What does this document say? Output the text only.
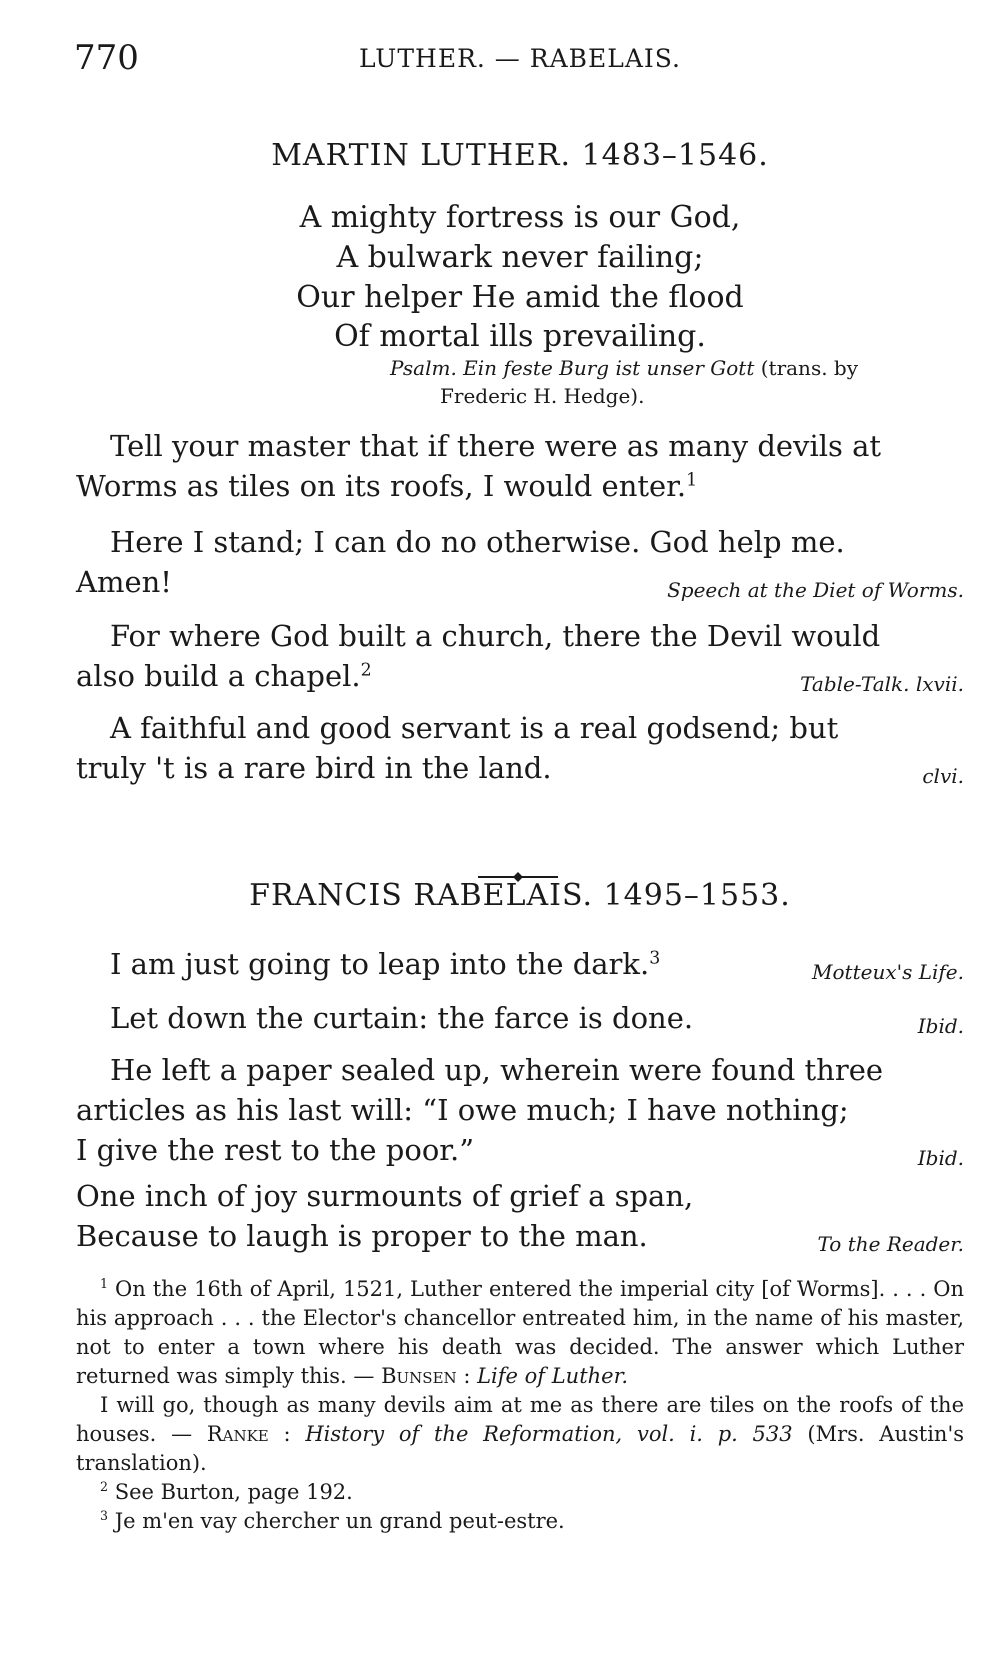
770	LUTHER. — RABELAIS.
MARTIN LUTHER. 1483–1546.
A mighty fortress is our God,
A bulwark never failing;
Our helper He amid the flood
Of mortal ills prevailing.
Psalm. Ein feste Burg ist unser Gott (trans. by
Frederic H. Hedge).
Tell your master that if there were as many devils at
Worms as tiles on its roofs, I would enter.$^1$
Here I stand; I can do no otherwise. God help me.
Amen!	Speech at the Diet of Worms.
For where God built a church, there the Devil would
also build a chapel.$^2$
Table-Talk. lxvii.
A faithful and good servant is a real godsend; but
truly 't is a rare bird in the land.	clvi.
FRANCIS RABELAIS. 1495–1553.
I am just going to leap into the dark.$^3$
Motteux's Life.
Let down the curtain: the farce is done.	Ibid.
He left a paper sealed up, wherein were found three
articles as his last will: “I owe much; I have nothing;
I give the rest to the poor.”	Ibid.
One inch of joy surmounts of grief a span,
Because to laugh is proper to the man.	To the Reader.
$^1$ On the 16th of April, 1521, Luther entered the imperial city [of Worms]. . . . On his approach . . . the Elector's chancellor entreated him, in the name of his master, not to enter a town where his death was decided. The answer which Luther returned was simply this. — Bunsen : Life of Luther.
I will go, though as many devils aim at me as there are tiles on the roofs of the houses. — Ranke : History of the Reformation, vol. i. p. 533 (Mrs. Austin's translation).
$^2$ See Burton, page 192.
$^3$ Je m'en vay chercher un grand peut-estre.
